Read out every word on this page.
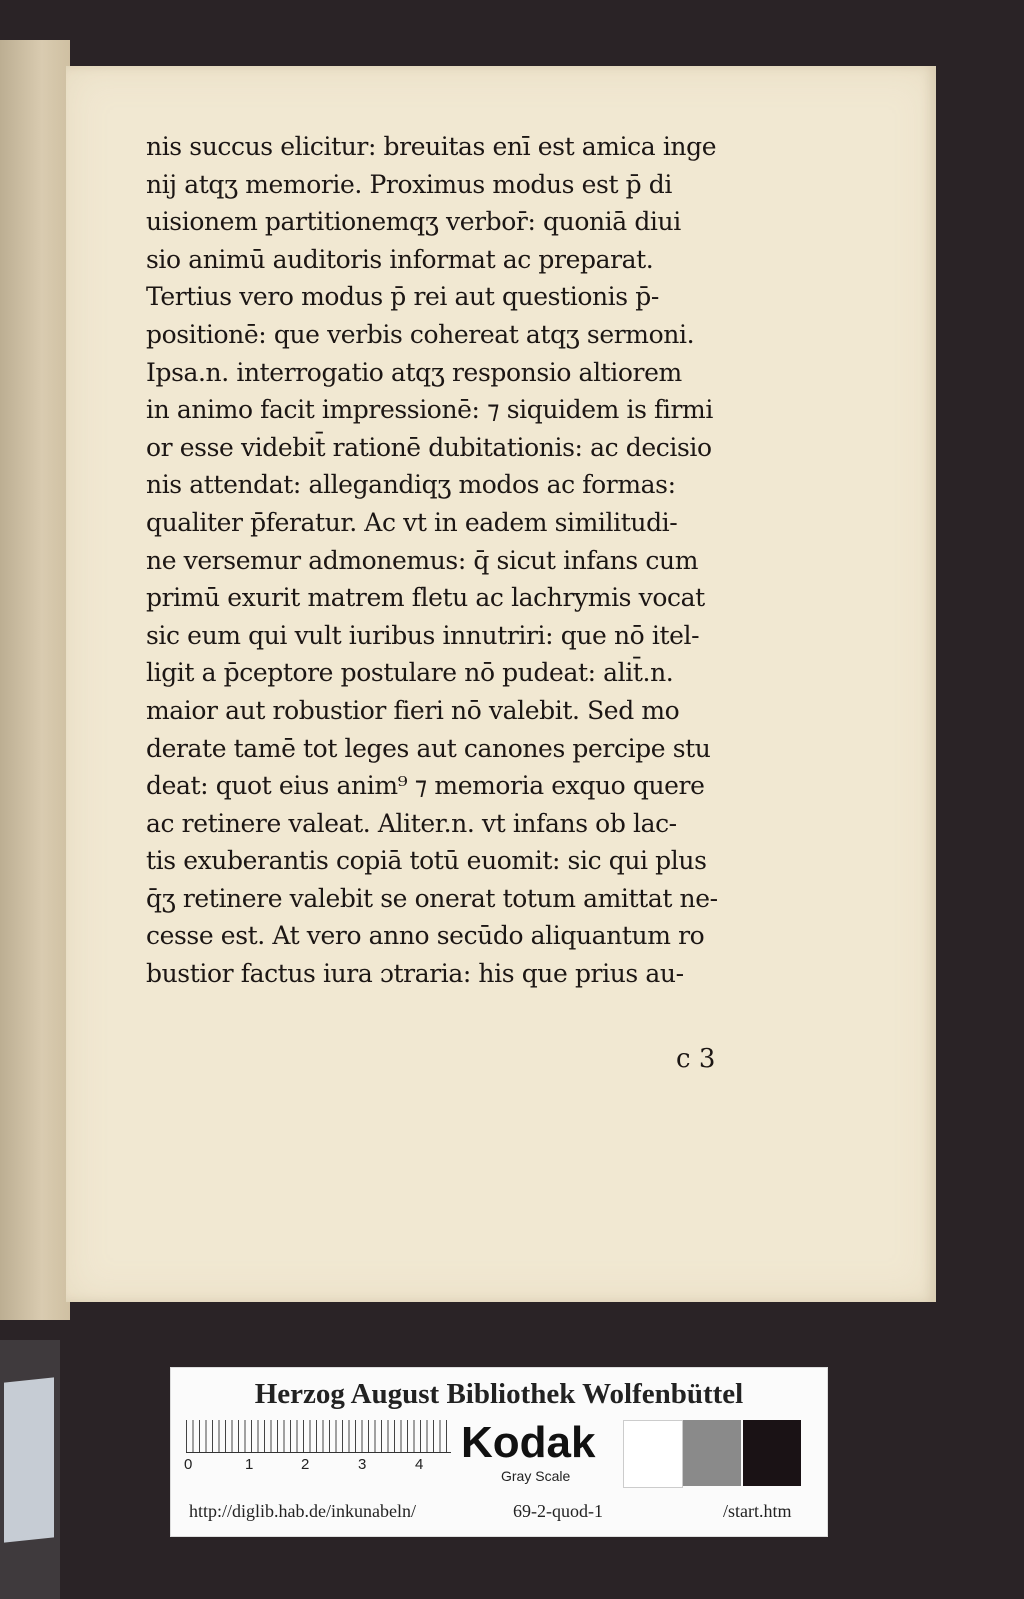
nis succus elicitur: breuitas enī est amica inge
nij atqʒ memorie. Proximus modus est p̄ di
uisionem partitionemqʒ verbor̄: quoniā diui
sio animū auditoris informat ac preparat.
Tertius vero modus p̄ rei aut questionis p̄-
positionē: que verbis cohereat atqʒ sermoni.
Ipsa.n. interrogatio atqʒ responsio altiorem
in animo facit impressionē: ⁊ siquidem is firmi
or esse videbit̄ rationē dubitationis: ac decisio
nis attendat: allegandiqʒ modos ac formas:
qualiter p̄feratur. Ac vt in eadem similitudi-
ne versemur admonemus: q̄ sicut infans cum
primū exurit matrem fletu ac lachrymis vocat
sic eum qui vult iuribus innutriri: que nō itel-
ligit a p̄ceptore postulare nō pudeat: alit̄.n.
maior aut robustior fieri nō valebit. Sed mo
derate tamē tot leges aut canones percipe stu
deat: quot eius anim⁹ ⁊ memoria exquo quere
ac retinere valeat. Aliter.n. vt infans ob lac-
tis exuberantis copiā totū euomit: sic qui plus
q̄ʒ retinere valebit se onerat totum amittat ne-
cesse est. At vero anno secūdo aliquantum ro
bustior factus iura ɔtraria: his que prius au-
c 3
Herzog August Bibliothek Wolfenbüttel
0	1	2	3	4 Kodak
Gray Scale
http://diglib.hab.de/inkunabeln/	69-2-quod-1	/start.htm
